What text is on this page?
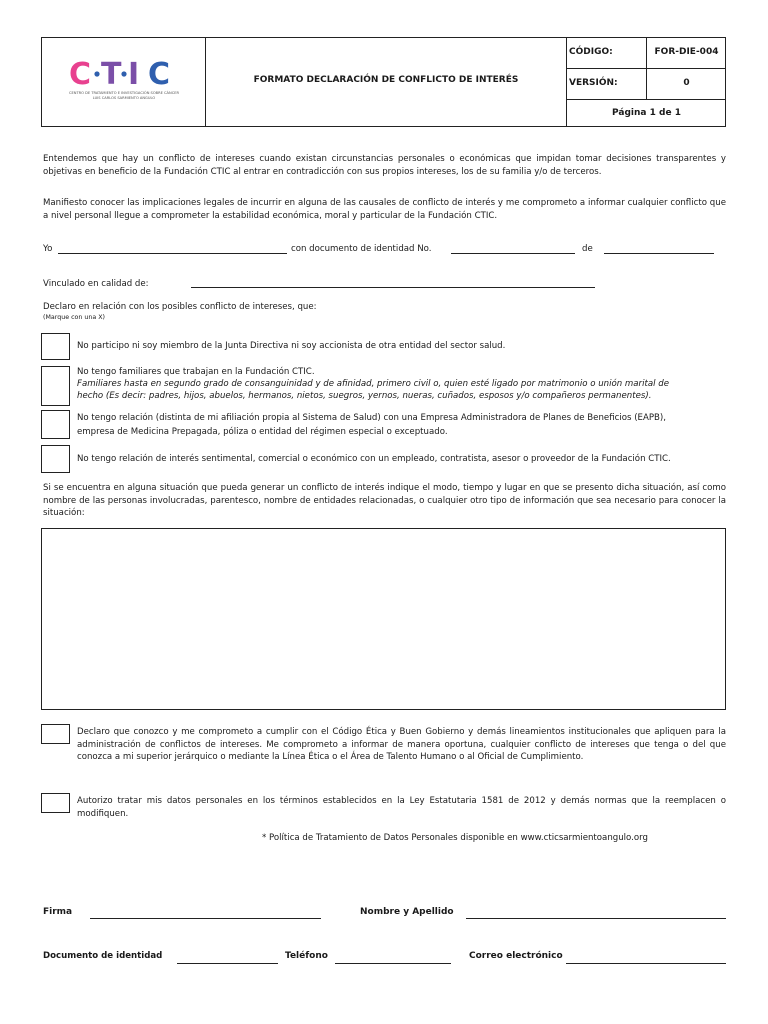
C T I C
CENTRO DE TRATAMIENTO E INVESTIGACIÓN SOBRE CÁNCER
LUIS CARLOS SARMIENTO ANGULO
FORMATO DECLARACIÓN DE CONFLICTO DE INTERÉS
CÓDIGO:	FOR-DIE-004
VERSIÓN:	0
Página 1 de 1
Entendemos que hay un conflicto de intereses cuando existan circunstancias personales o económicas que impidan tomar decisiones transparentes y objetivas en beneficio de la Fundación CTIC al entrar en contradicción con sus propios intereses, los de su familia y/o de terceros.
Manifiesto conocer las implicaciones legales de incurrir en alguna de las causales de conflicto de interés y me comprometo a informar cualquier conflicto que a nivel personal llegue a comprometer la estabilidad económica, moral y particular de la Fundación CTIC.
Yo	con documento de identidad No.	de
Vinculado en calidad de:
Declaro en relación con los posibles conflicto de intereses, que:
(Marque con una X)
No participo ni soy miembro de la Junta Directiva ni soy accionista de otra entidad del sector salud.
No tengo familiares que trabajan en la Fundación CTIC.
Familiares hasta en segundo grado de consanguinidad y de afinidad, primero civil o, quien esté ligado por matrimonio o unión marital de
hecho (Es decir: padres, hijos, abuelos, hermanos, nietos, suegros, yernos, nueras, cuñados, esposos y/o compañeros permanentes).
No tengo relación (distinta de mi afiliación propia al Sistema de Salud) con una Empresa Administradora de Planes de Beneficios (EAPB),
empresa de Medicina Prepagada, póliza o entidad del régimen especial o exceptuado.
No tengo relación de interés sentimental, comercial o económico con un empleado, contratista, asesor o proveedor de la Fundación CTIC.
Si se encuentra en alguna situación que pueda generar un conflicto de interés indique el modo, tiempo y lugar en que se presento dicha situación, así como nombre de las personas involucradas, parentesco, nombre de entidades relacionadas, o cualquier otro tipo de información que sea necesario para conocer la situación:
Declaro que conozco y me comprometo a cumplir con el Código Ética y Buen Gobierno y demás lineamientos institucionales que apliquen para la administración de conflictos de intereses. Me comprometo a informar de manera oportuna, cualquier conflicto de intereses que tenga o del que conozca a mi superior jerárquico o mediante la Línea Ética o el Área de Talento Humano o al Oficial de Cumplimiento.
Autorizo tratar mis datos personales en los términos establecidos en la Ley Estatutaria 1581 de 2012 y demás normas que la reemplacen o modifiquen.
* Política de Tratamiento de Datos Personales disponible en www.cticsarmientoangulo.org
Firma	Nombre y Apellido
Documento de identidad	Teléfono	Correo electrónico
